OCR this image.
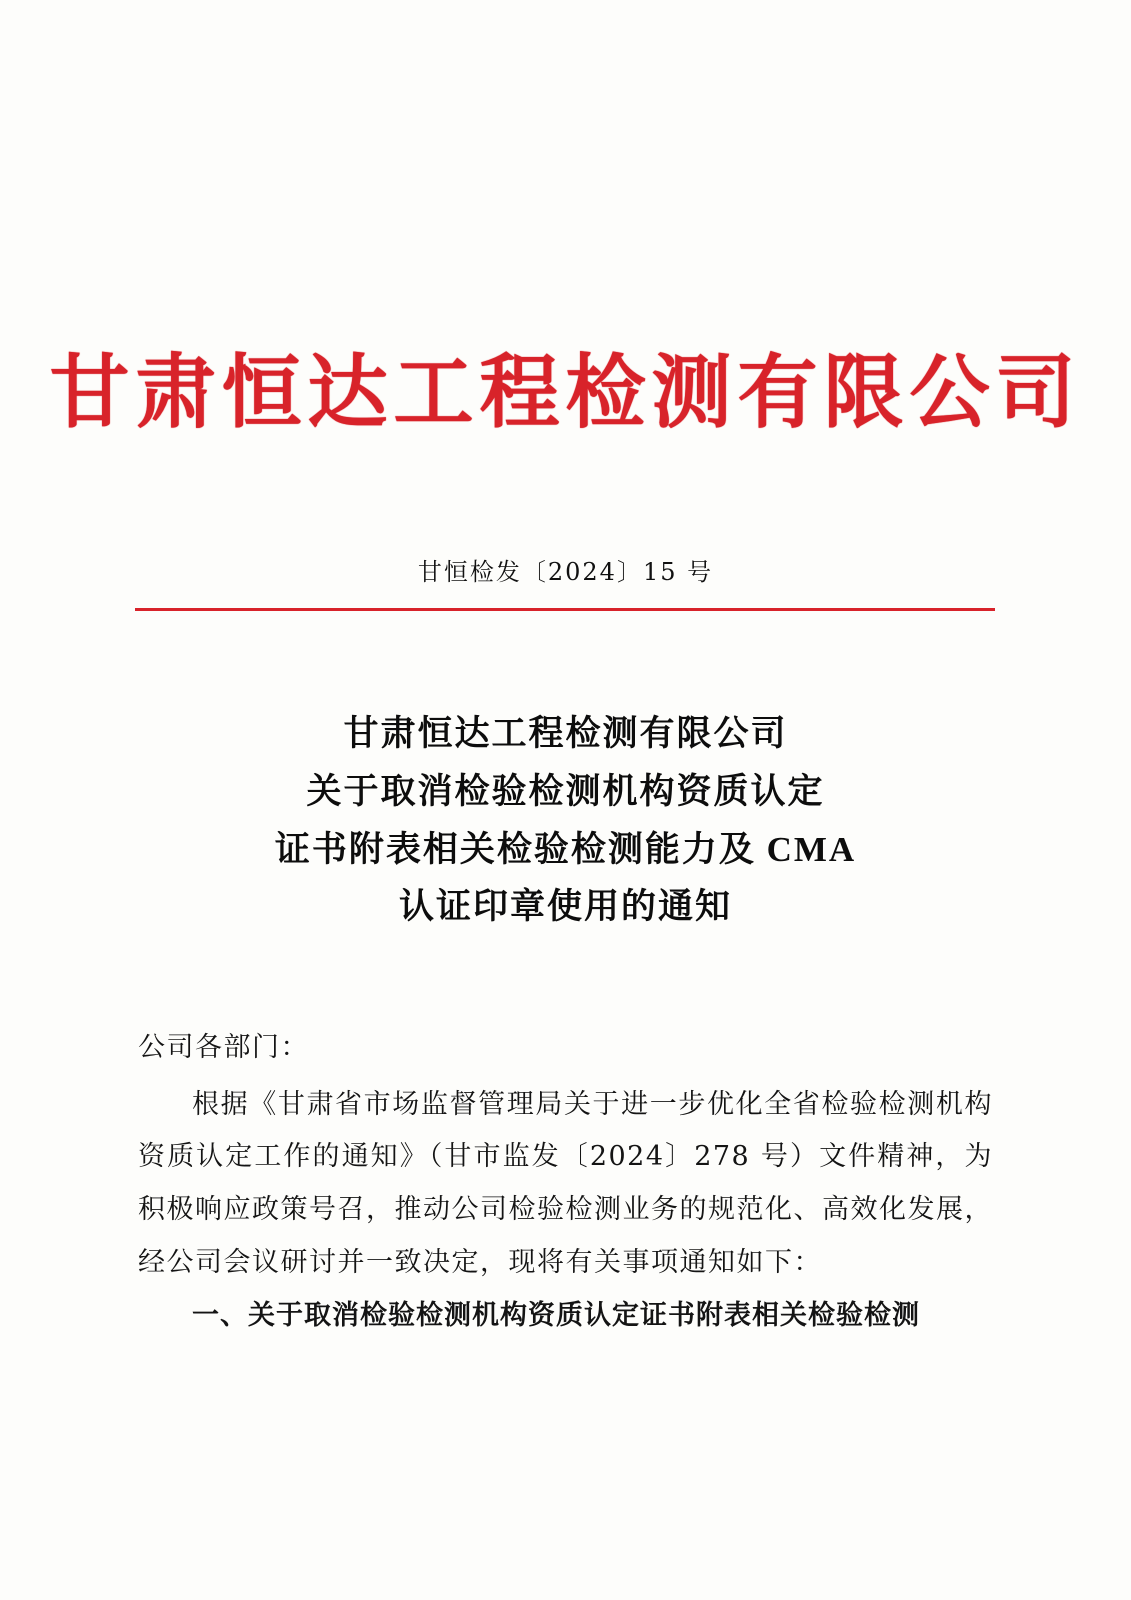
甘肃恒达工程检测有限公司
甘恒检发〔2024〕15 号
甘肃恒达工程检测有限公司
关于取消检验检测机构资质认定
证书附表相关检验检测能力及 CMA
认证印章使用的通知

公司各部门：

根据《甘肃省市场监督管理局关于进一步优化全省检验检测机构资质认定工作的通知》（甘市监发〔2024〕278 号）文件精神，为积极响应政策号召，推动公司检验检测业务的规范化、高效化发展，经公司会议研讨并一致决定，现将有关事项通知如下：

一、关于取消检验检测机构资质认定证书附表相关检验检测
